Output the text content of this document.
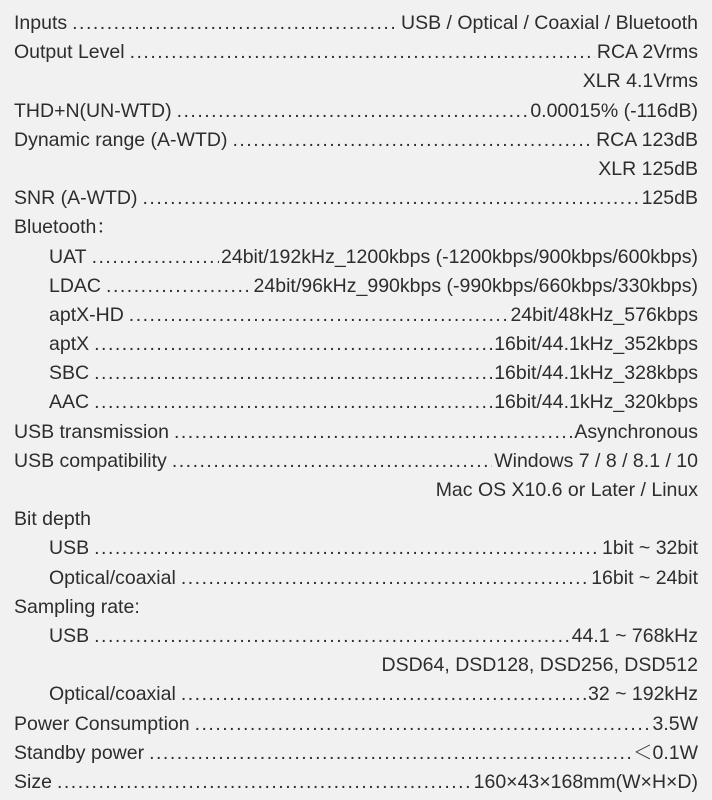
Inputs .....	USB / Optical / Coaxial / Bluetooth
Output Level .....	RCA 2Vrms
XLR 4.1Vrms
THD+N(UN-WTD) .....	0.00015% (-116dB)
Dynamic range (A-WTD) .....	RCA 123dB
XLR 125dB
SNR (A-WTD) .....	125dB
Bluetooth：
UAT .....	24bit/192kHz_1200kbps (-1200kbps/900kbps/600kbps)
LDAC .....	24bit/96kHz_990kbps (-990kbps/660kbps/330kbps)
aptX-HD .....	24bit/48kHz_576kbps
aptX .....	16bit/44.1kHz_352kbps
SBC .....	16bit/44.1kHz_328kbps
AAC .....	16bit/44.1kHz_320kbps
USB transmission .....	Asynchronous
USB compatibility .....	Windows 7 / 8 / 8.1 / 10
Mac OS X10.6 or Later / Linux
Bit depth
USB .....	1bit ~ 32bit
Optical/coaxial .....	16bit ~ 24bit
Sampling rate:
USB .....	44.1 ~ 768kHz
DSD64, DSD128, DSD256, DSD512
Optical/coaxial .....	32 ~ 192kHz
Power Consumption .....	3.5W
Standby power .....	＜0.1W
Size .....	160×43×168mm(W×H×D)
